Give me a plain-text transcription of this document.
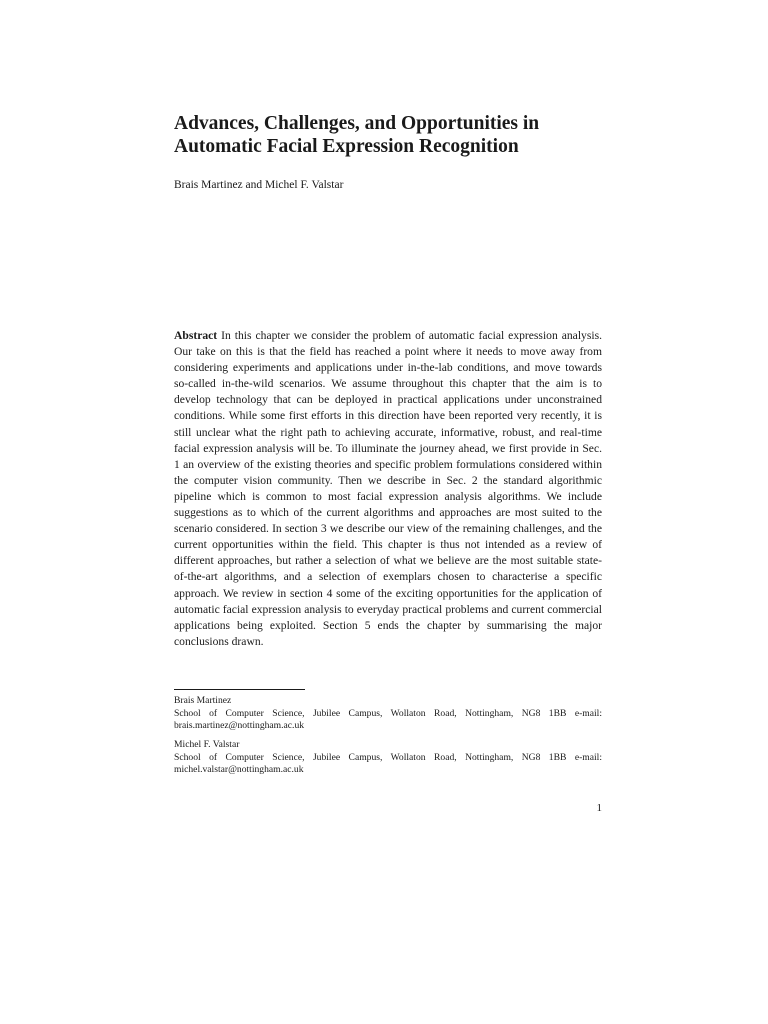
Advances, Challenges, and Opportunities in Automatic Facial Expression Recognition
Brais Martinez and Michel F. Valstar

Abstract In this chapter we consider the problem of automatic facial expression analysis. Our take on this is that the field has reached a point where it needs to move away from considering experiments and applications under in-the-lab conditions, and move towards so-called in-the-wild scenarios. We assume throughout this chapter that the aim is to develop technology that can be deployed in practical applications under unconstrained conditions. While some first efforts in this direction have been reported very recently, it is still unclear what the right path to achieving accurate, informative, robust, and real-time facial expression analysis will be. To illuminate the journey ahead, we first provide in Sec. 1 an overview of the existing theories and specific problem formulations considered within the computer vision community. Then we describe in Sec. 2 the standard algorithmic pipeline which is common to most facial expression analysis algorithms. We include suggestions as to which of the current algorithms and approaches are most suited to the scenario considered. In section 3 we describe our view of the remaining challenges, and the current opportunities within the field. This chapter is thus not intended as a review of different approaches, but rather a selection of what we believe are the most suitable state-of-the-art algorithms, and a selection of exemplars chosen to characterise a specific approach. We review in section 4 some of the exciting opportunities for the application of automatic facial expression analysis to everyday practical problems and current commercial applications being exploited. Section 5 ends the chapter by summarising the major conclusions drawn.

Brais Martinez
School of Computer Science, Jubilee Campus, Wollaton Road, Nottingham, NG8 1BB e-mail:
brais.martinez@nottingham.ac.uk
Michel F. Valstar
School of Computer Science, Jubilee Campus, Wollaton Road, Nottingham, NG8 1BB e-mail:
michel.valstar@nottingham.ac.uk
1
